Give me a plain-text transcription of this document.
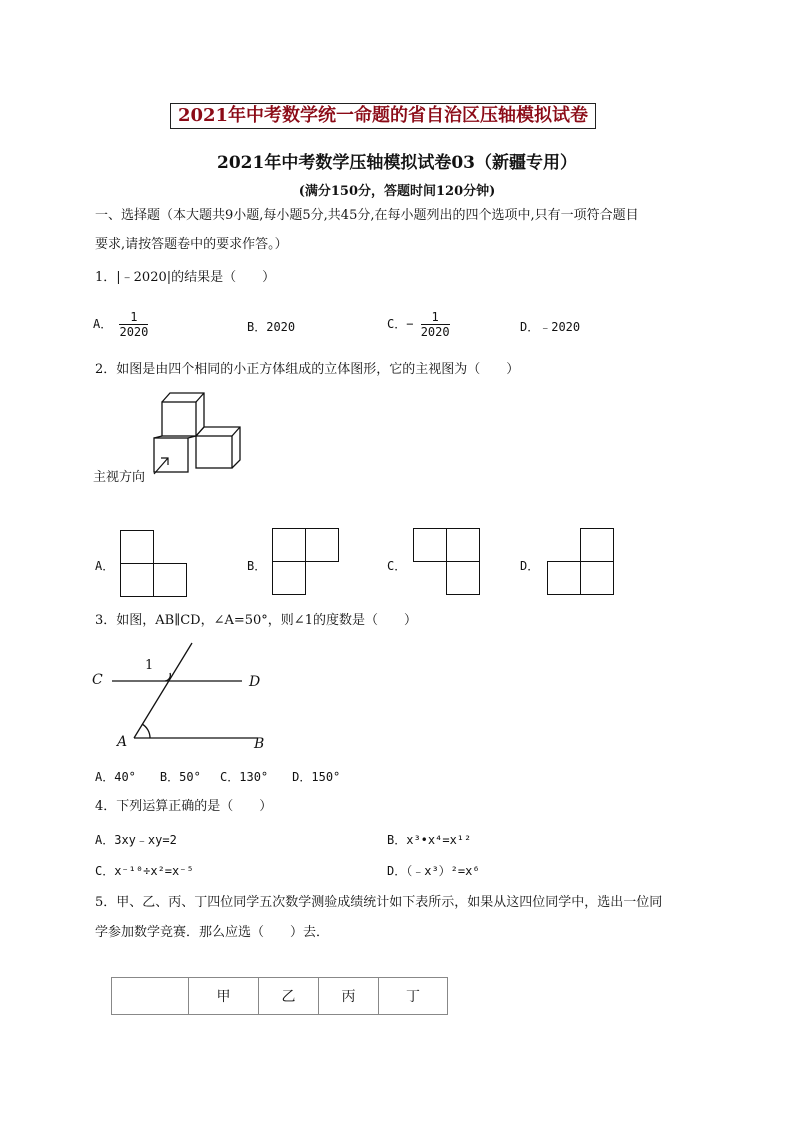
2021年中考数学统一命题的省自治区压轴模拟试卷
2021年中考数学压轴模拟试卷03（新疆专用）
(满分150分，答题时间120分钟)
一、选择题（本大题共9小题,每小题5分,共45分,在每小题列出的四个选项中,只有一项符合题目
要求,请按答题卷中的要求作答。）
1．|﹣2020|的结果是（　　）
A． $\frac{1}{2020}$	B．2020	C．− $\frac{1}{2020}$	D．﹣2020
2．如图是由四个相同的小正方体组成的立体图形，它的主视图为（　　）
主视方向
A．	B．	C．	D．
3．如图，AB∥CD，∠A=50°，则∠1的度数是（　　）
1
C	D
A	B
A．40°　　B．50°　 C．130°　　D．150°
4．下列运算正确的是（　　）
A．3xy﹣xy=2	B．x³•x⁴=x¹²
C．x⁻¹⁰÷x²=x⁻⁵	D．（﹣x³）²=x⁶
5．甲、乙、丙、丁四位同学五次数学测验成绩统计如下表所示，如果从这四位同学中，选出一位同
学参加数学竞赛．那么应选（　　）去．
	甲	乙	丙	丁
